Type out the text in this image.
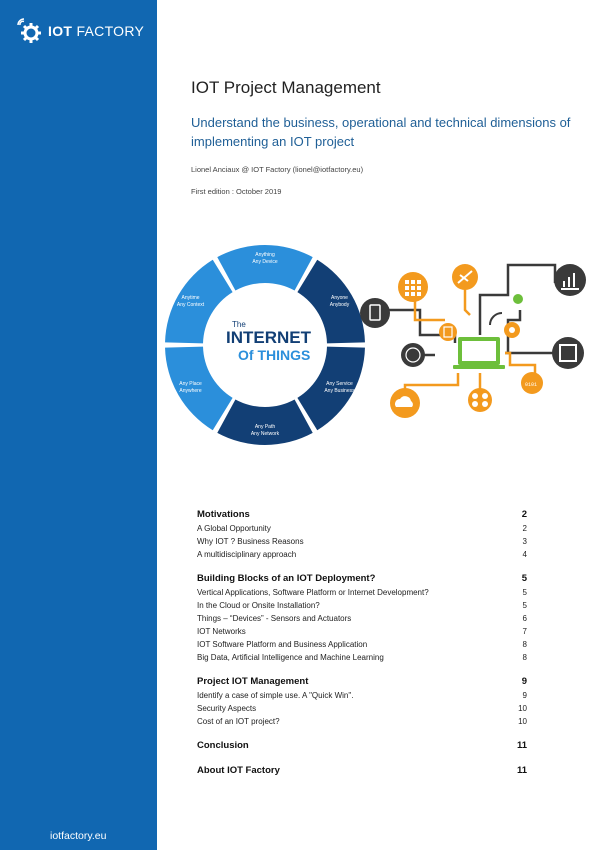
IOT FACTORY
iotfactory.eu
IOT Project Management
Understand the business, operational and technical dimensions of implementing an IOT project
Lionel Anciaux @ IOT Factory (lionel@iotfactory.eu)
First edition : October 2019
Anything
Any Device
Anyone
Anybody
Any Service
Any Business
Any Path
Any Network
Any Place
Anywhere
Anytime
Any Context
The
INTERNET
Of THINGS
0101
Motivations	2
A Global Opportunity	2
Why IOT ? Business Reasons	3
A multidisciplinary approach	4
Building Blocks of an IOT Deployment?	5
Vertical Applications, Software Platform or Internet Development?	5
In the Cloud or Onsite Installation?	5
Things – “Devices” - Sensors and Actuators	6
IOT Networks	7
IOT Software Platform and Business Application	8
Big Data, Artificial Intelligence and Machine Learning	8
Project IOT Management	9
Identify a case of simple use. A "Quick Win".	9
Security Aspects	10
Cost of an IOT project?	10
Conclusion	11
About IOT Factory	11
